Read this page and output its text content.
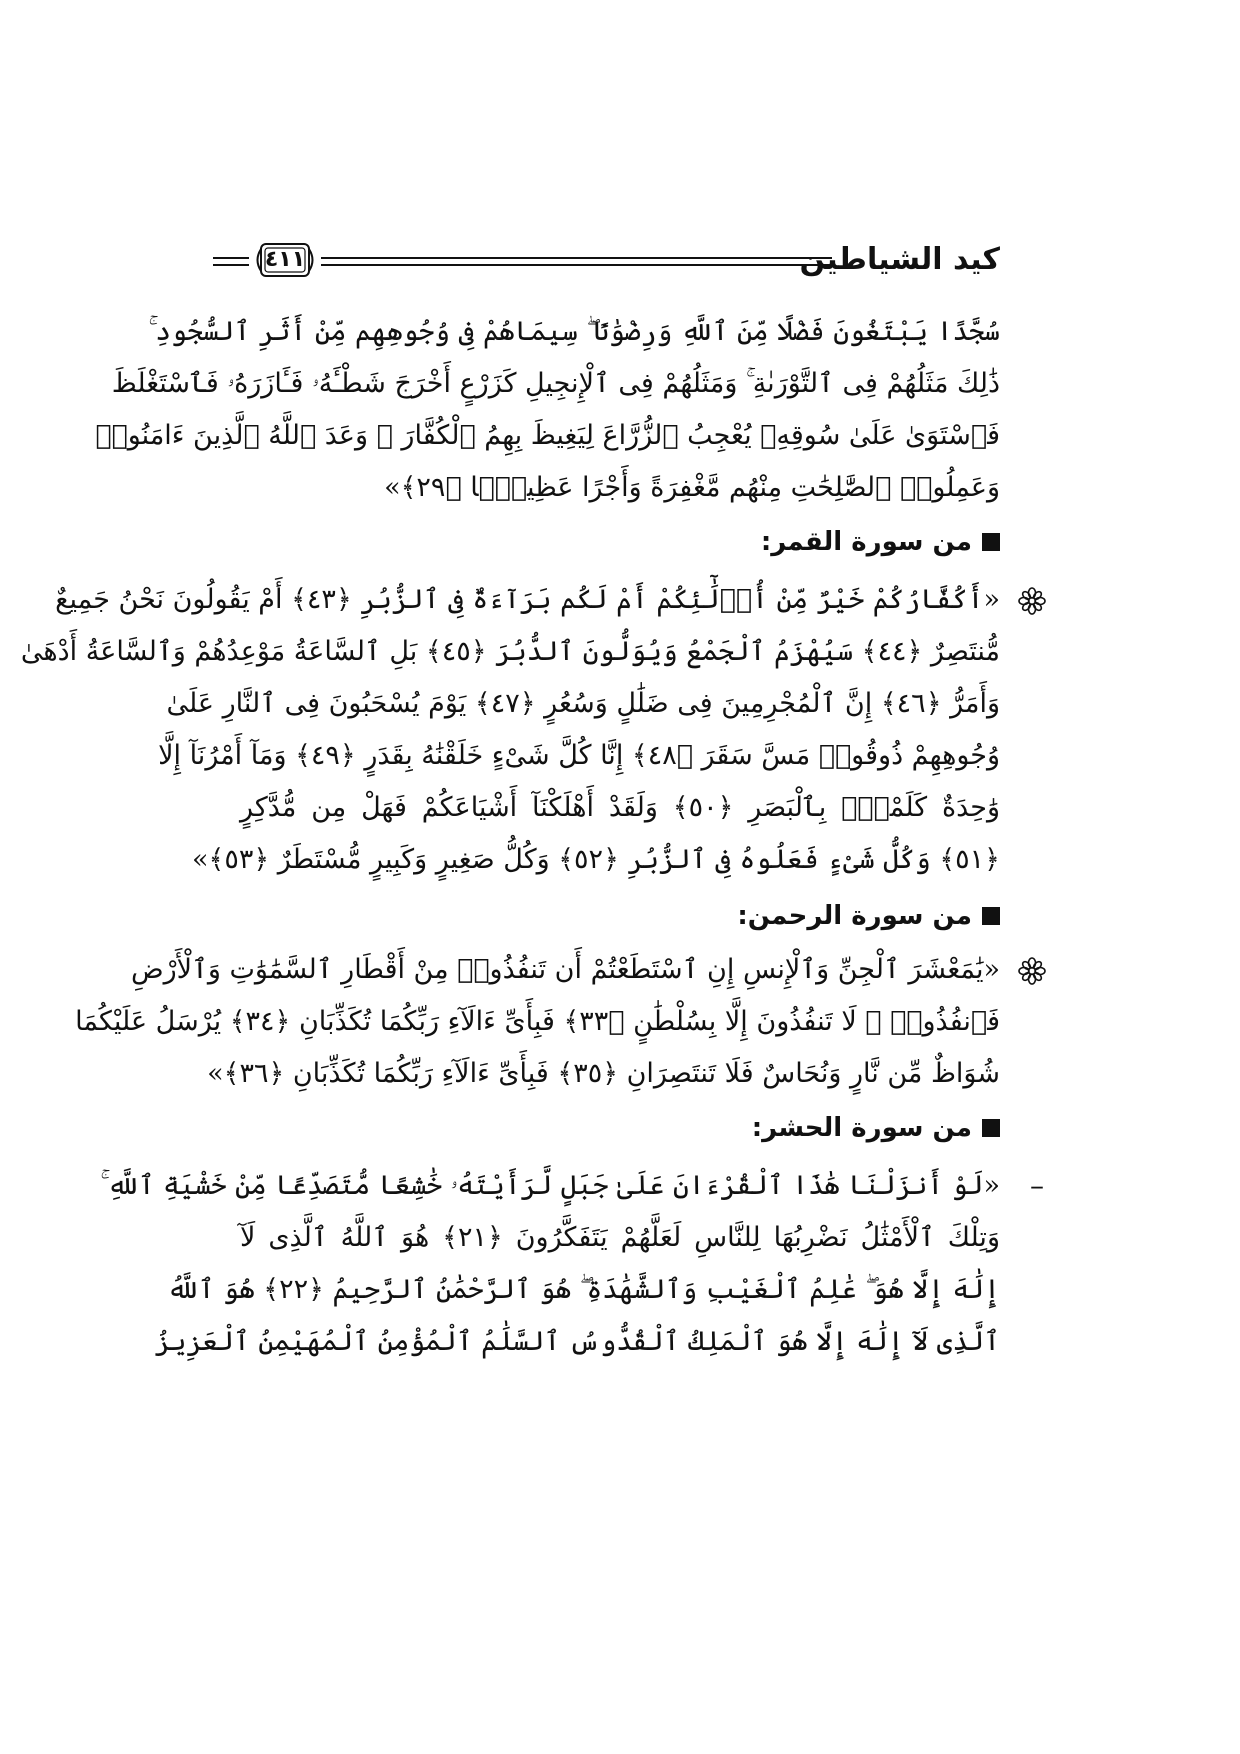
كيد الشياطين
٤١١
سُجَّدًا يَبْتَغُونَ فَضْلًا مِّنَ ٱللَّهِ وَرِضْوَٰنًا ۖ سِيمَاهُمْ فِى وُجُوهِهِم مِّنْ أَثَرِ ٱلسُّجُودِ ۚ
ذَٰلِكَ مَثَلُهُمْ فِى ٱلتَّوْرَىٰةِ ۚ وَمَثَلُهُمْ فِى ٱلْإِنجِيلِ كَزَرْعٍ أَخْرَجَ شَطْـَٔهُۥ فَـَٔازَرَهُۥ فَٱسْتَغْلَظَ
فَٱسْتَوَىٰ عَلَىٰ سُوقِهِۦ يُعْجِبُ ٱلزُّرَّاعَ لِيَغِيظَ بِهِمُ ٱلْكُفَّارَ ۗ وَعَدَ ٱللَّهُ ٱلَّذِينَ ءَامَنُوا۟
وَعَمِلُوا۟ ٱلصَّٰلِحَٰتِ مِنْهُم مَّغْفِرَةً وَأَجْرًا عَظِيمًۢا ﴿٢٩﴾»
من سورة القمر:
«أَكُفَّارُكُمْ خَيْرٌ مِّنْ أُو۟لَٰٓئِكُمْ أَمْ لَكُم بَرَآءَةٌ فِى ٱلزُّبُرِ ﴿٤٣﴾ أَمْ يَقُولُونَ نَحْنُ جَمِيعٌ
مُّنتَصِرٌ ﴿٤٤﴾ سَيُهْزَمُ ٱلْجَمْعُ وَيُوَلُّونَ ٱلدُّبُرَ ﴿٤٥﴾ بَلِ ٱلسَّاعَةُ مَوْعِدُهُمْ وَٱلسَّاعَةُ أَدْهَىٰ
وَأَمَرُّ ﴿٤٦﴾ إِنَّ ٱلْمُجْرِمِينَ فِى ضَلَٰلٍ وَسُعُرٍ ﴿٤٧﴾ يَوْمَ يُسْحَبُونَ فِى ٱلنَّارِ عَلَىٰ
وُجُوهِهِمْ ذُوقُوا۟ مَسَّ سَقَرَ ﴿٤٨﴾ إِنَّا كُلَّ شَىْءٍ خَلَقْنَٰهُ بِقَدَرٍ ﴿٤٩﴾ وَمَآ أَمْرُنَآ إِلَّا
وَٰحِدَةٌ كَلَمْحٍۭ بِٱلْبَصَرِ ﴿٥٠﴾ وَلَقَدْ أَهْلَكْنَآ أَشْيَاعَكُمْ فَهَلْ مِن مُّدَّكِرٍ
﴿٥١﴾ وَكُلُّ شَىْءٍ فَعَلُوهُ فِى ٱلزُّبُرِ ﴿٥٢﴾ وَكُلُّ صَغِيرٍ وَكَبِيرٍ مُّسْتَطَرٌ ﴿٥٣﴾»
من سورة الرحمن:
«يَٰمَعْشَرَ ٱلْجِنِّ وَٱلْإِنسِ إِنِ ٱسْتَطَعْتُمْ أَن تَنفُذُوا۟ مِنْ أَقْطَارِ ٱلسَّمَٰوَٰتِ وَٱلْأَرْضِ
فَٱنفُذُوا۟ ۚ لَا تَنفُذُونَ إِلَّا بِسُلْطَٰنٍ ﴿٣٣﴾ فَبِأَىِّ ءَالَآءِ رَبِّكُمَا تُكَذِّبَانِ ﴿٣٤﴾ يُرْسَلُ عَلَيْكُمَا
شُوَاظٌ مِّن نَّارٍ وَنُحَاسٌ فَلَا تَنتَصِرَانِ ﴿٣٥﴾ فَبِأَىِّ ءَالَآءِ رَبِّكُمَا تُكَذِّبَانِ ﴿٣٦﴾»
من سورة الحشر:
–
«لَوْ أَنزَلْنَا هَٰذَا ٱلْقُرْءَانَ عَلَىٰ جَبَلٍ لَّرَأَيْتَهُۥ خَٰشِعًا مُّتَصَدِّعًا مِّنْ خَشْيَةِ ٱللَّهِ ۚ
وَتِلْكَ ٱلْأَمْثَٰلُ نَضْرِبُهَا لِلنَّاسِ لَعَلَّهُمْ يَتَفَكَّرُونَ ﴿٢١﴾ هُوَ ٱللَّهُ ٱلَّذِى لَآ
إِلَٰهَ إِلَّا هُوَ ۖ عَٰلِمُ ٱلْغَيْبِ وَٱلشَّهَٰدَةِ ۖ هُوَ ٱلرَّحْمَٰنُ ٱلرَّحِيمُ ﴿٢٢﴾ هُوَ ٱللَّهُ
ٱلَّذِى لَآ إِلَٰهَ إِلَّا هُوَ ٱلْمَلِكُ ٱلْقُدُّوسُ ٱلسَّلَٰمُ ٱلْمُؤْمِنُ ٱلْمُهَيْمِنُ ٱلْعَزِيزُ
